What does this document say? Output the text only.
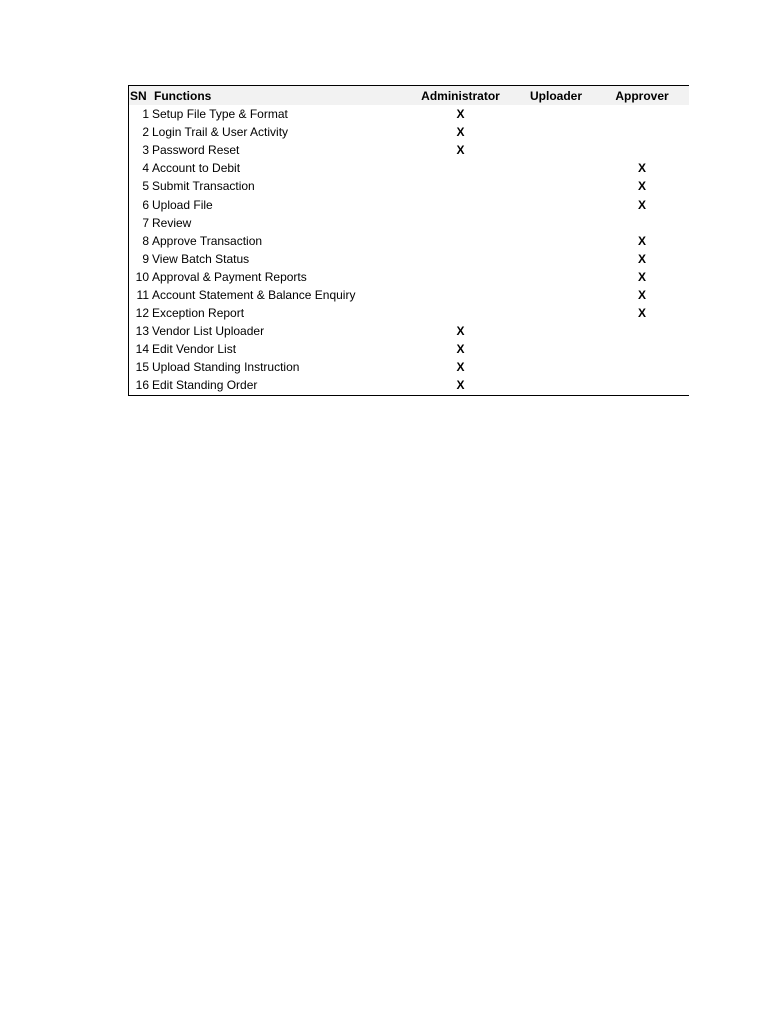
SN	Functions	Administrator	Uploader	Approver
1	Setup File Type & Format	X		
2	Login Trail & User Activity	X		
3	Password Reset	X		
4	Account to Debit			X
5	Submit Transaction			X
6	Upload File			X
7	Review			
8	Approve Transaction			X
9	View Batch Status			X
10	Approval & Payment Reports			X
11	Account Statement & Balance Enquiry			X
12	Exception Report			X
13	Vendor List Uploader	X		
14	Edit Vendor List	X		
15	Upload Standing Instruction	X		
16	Edit Standing Order	X		
